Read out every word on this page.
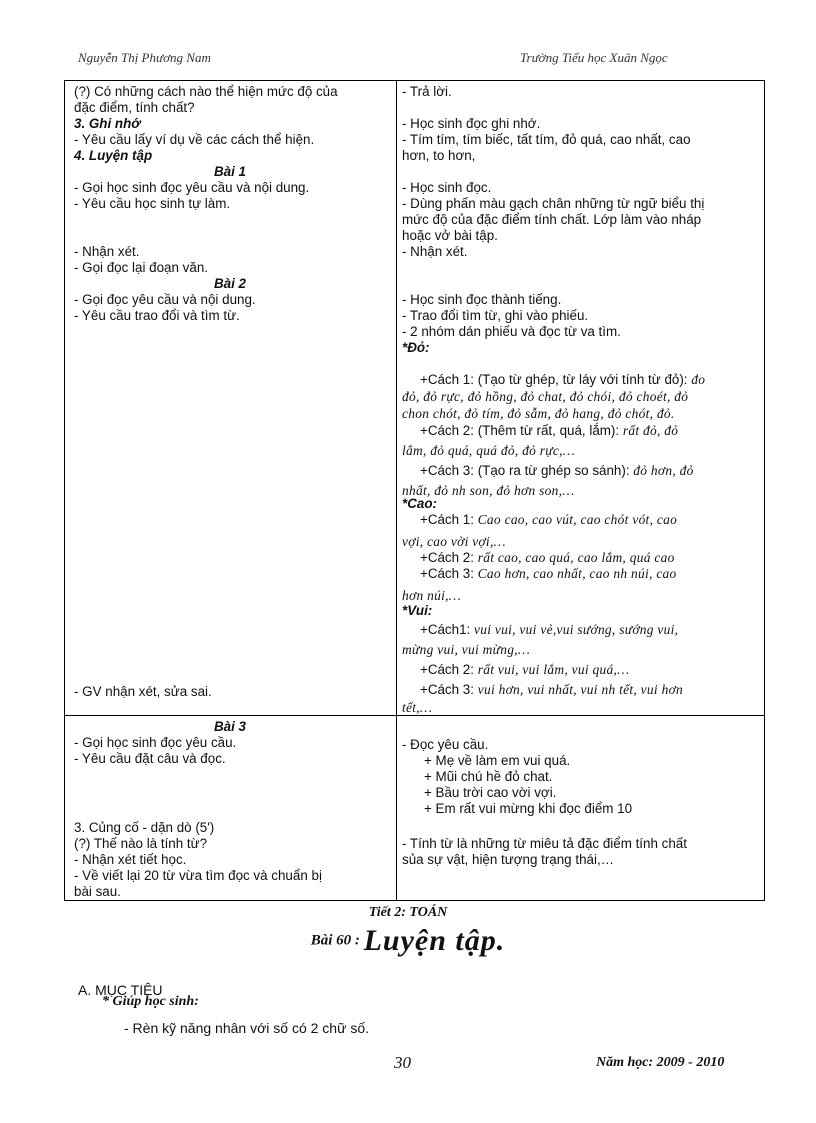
Nguyễn Thị Phương Nam	Trường Tiểu học Xuân Ngọc
(?) Có những cách nào thể hiện mức độ của
đặc điểm, tính chất?
3. Ghi nhớ
- Yêu cầu lấy ví dụ về các cách thể hiện.
4. Luyện tập
Bài 1
- Gọi học sinh đọc yêu cầu và nội dung.
- Yêu cầu học sinh tự làm.
- Nhận xét.
- Gọi đọc lại đoạn văn.
Bài 2
- Gọi đọc yêu cầu và nội dung.
- Yêu cầu trao đổi và tìm từ.
- GV nhận xét, sửa sai.
- Trả lời.
- Học sinh đọc ghi nhớ.
- Tím tím, tím biếc, tất tím, đỏ quá, cao nhất, cao
hơn, to hơn,
- Học sinh đọc.
- Dùng phấn màu gạch chân những từ ngữ biểu thị
mức độ của đặc điểm tính chất. Lớp làm vào nháp
hoặc vở bài tập.
- Nhận xét.
- Học sinh đọc thành tiếng.
- Trao đổi tìm từ, ghi vào phiếu.
- 2 nhóm dán phiếu và đọc từ va tìm.
*Đỏ:
+Cách 1: (Tạo từ ghép, từ láy với tính từ đỏ): đo
đỏ, đỏ rực, đỏ hồng, đỏ chat, đỏ chói, đỏ choét, đỏ
chon chót, đỏ tím, đỏ sẫm, đỏ hang, đỏ chót, đỏ.
+Cách 2: (Thêm từ rất, quá, lắm): rất đỏ, đỏ
lắm, đỏ quá, quá đỏ, đỏ rực,…
+Cách 3: (Tạo ra từ ghép so sánh): đỏ hơn, đỏ
nhất, đỏ nh son, đỏ hơn son,…
*Cao:
+Cách 1: Cao cao, cao vút, cao chót vót, cao
vợi, cao vời vợi,…
+Cách 2: rất cao, cao quá, cao lắm, quá cao
+Cách 3: Cao hơn, cao nhất, cao nh núi, cao
hơn núi,…
*Vui:
+Cách1: vui vui, vui vẻ,vui sướng, sướng vui,
mừng vui, vui mừng,…
+Cách 2: rất vui, vui lắm, vui quá,…
+Cách 3: vui hơn, vui nhất, vui nh tết, vui hơn
tết,…
Bài 3
- Gọi học sinh đọc yêu cầu.
- Yêu cầu đặt câu và đọc.
3. Củng cố - dặn dò (5')
(?) Thế nào là tính từ?
- Nhận xét tiết học.
- Về viết lại 20 từ vừa tìm đọc và chuẩn bị
bài sau.
- Đọc yêu cầu.
+ Mẹ về làm em vui quá.
+ Mũi chú hề đỏ chat.
+ Bầu trời cao vời vợi.
+ Em rất vui mừng khi đọc điểm 10
- Tính từ là những từ miêu tả đặc điểm tính chất
sủa sự vật, hiện tượng trạng thái,…
Tiết 2: TOÁN
Bài 60 : Luyện tập.
A. MỤC TIÊU
* Giúp học sinh:
- Rèn kỹ năng nhân với số có 2 chữ số.
30	Năm học: 2009 - 2010
